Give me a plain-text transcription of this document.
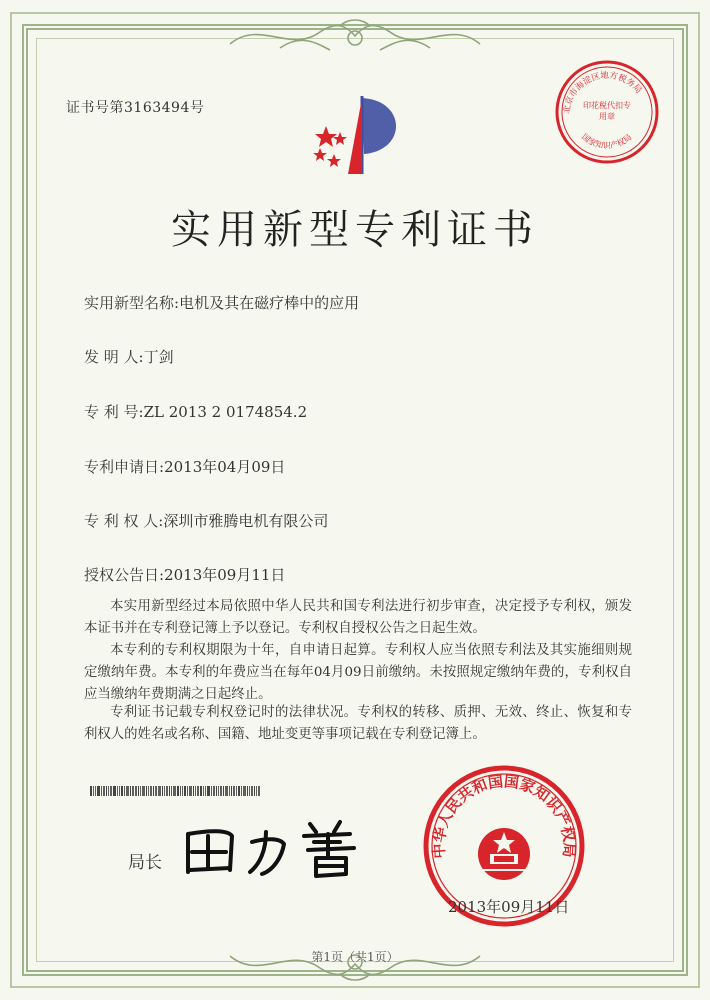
证书号第3163494号	北京市海淀区地方税务局
国家知识产权局
印花税代扣专用章
实用新型专利证书
实用新型名称:电机及其在磁疗棒中的应用
发 明 人:丁剑
专 利 号:ZL 2013 2 0174854.2
专利申请日:2013年04月09日
专 利 权 人:深圳市雅腾电机有限公司
授权公告日:2013年09月11日
本实用新型经过本局依照中华人民共和国专利法进行初步审查，决定授予专利权，颁发本证书并在专利登记簿上予以登记。专利权自授权公告之日起生效。
本专利的专利权期限为十年，自申请日起算。专利权人应当依照专利法及其实施细则规定缴纳年费。本专利的年费应当在每年04月09日前缴纳。未按照规定缴纳年费的，专利权自应当缴纳年费期满之日起终止。
专利证书记载专利权登记时的法律状况。专利权的转移、质押、无效、终止、恢复和专利权人的姓名或名称、国籍、地址变更等事项记载在专利登记簿上。
局长
中华人民共和国国家知识产权局
2013年09月11日
第1页（共1页）
